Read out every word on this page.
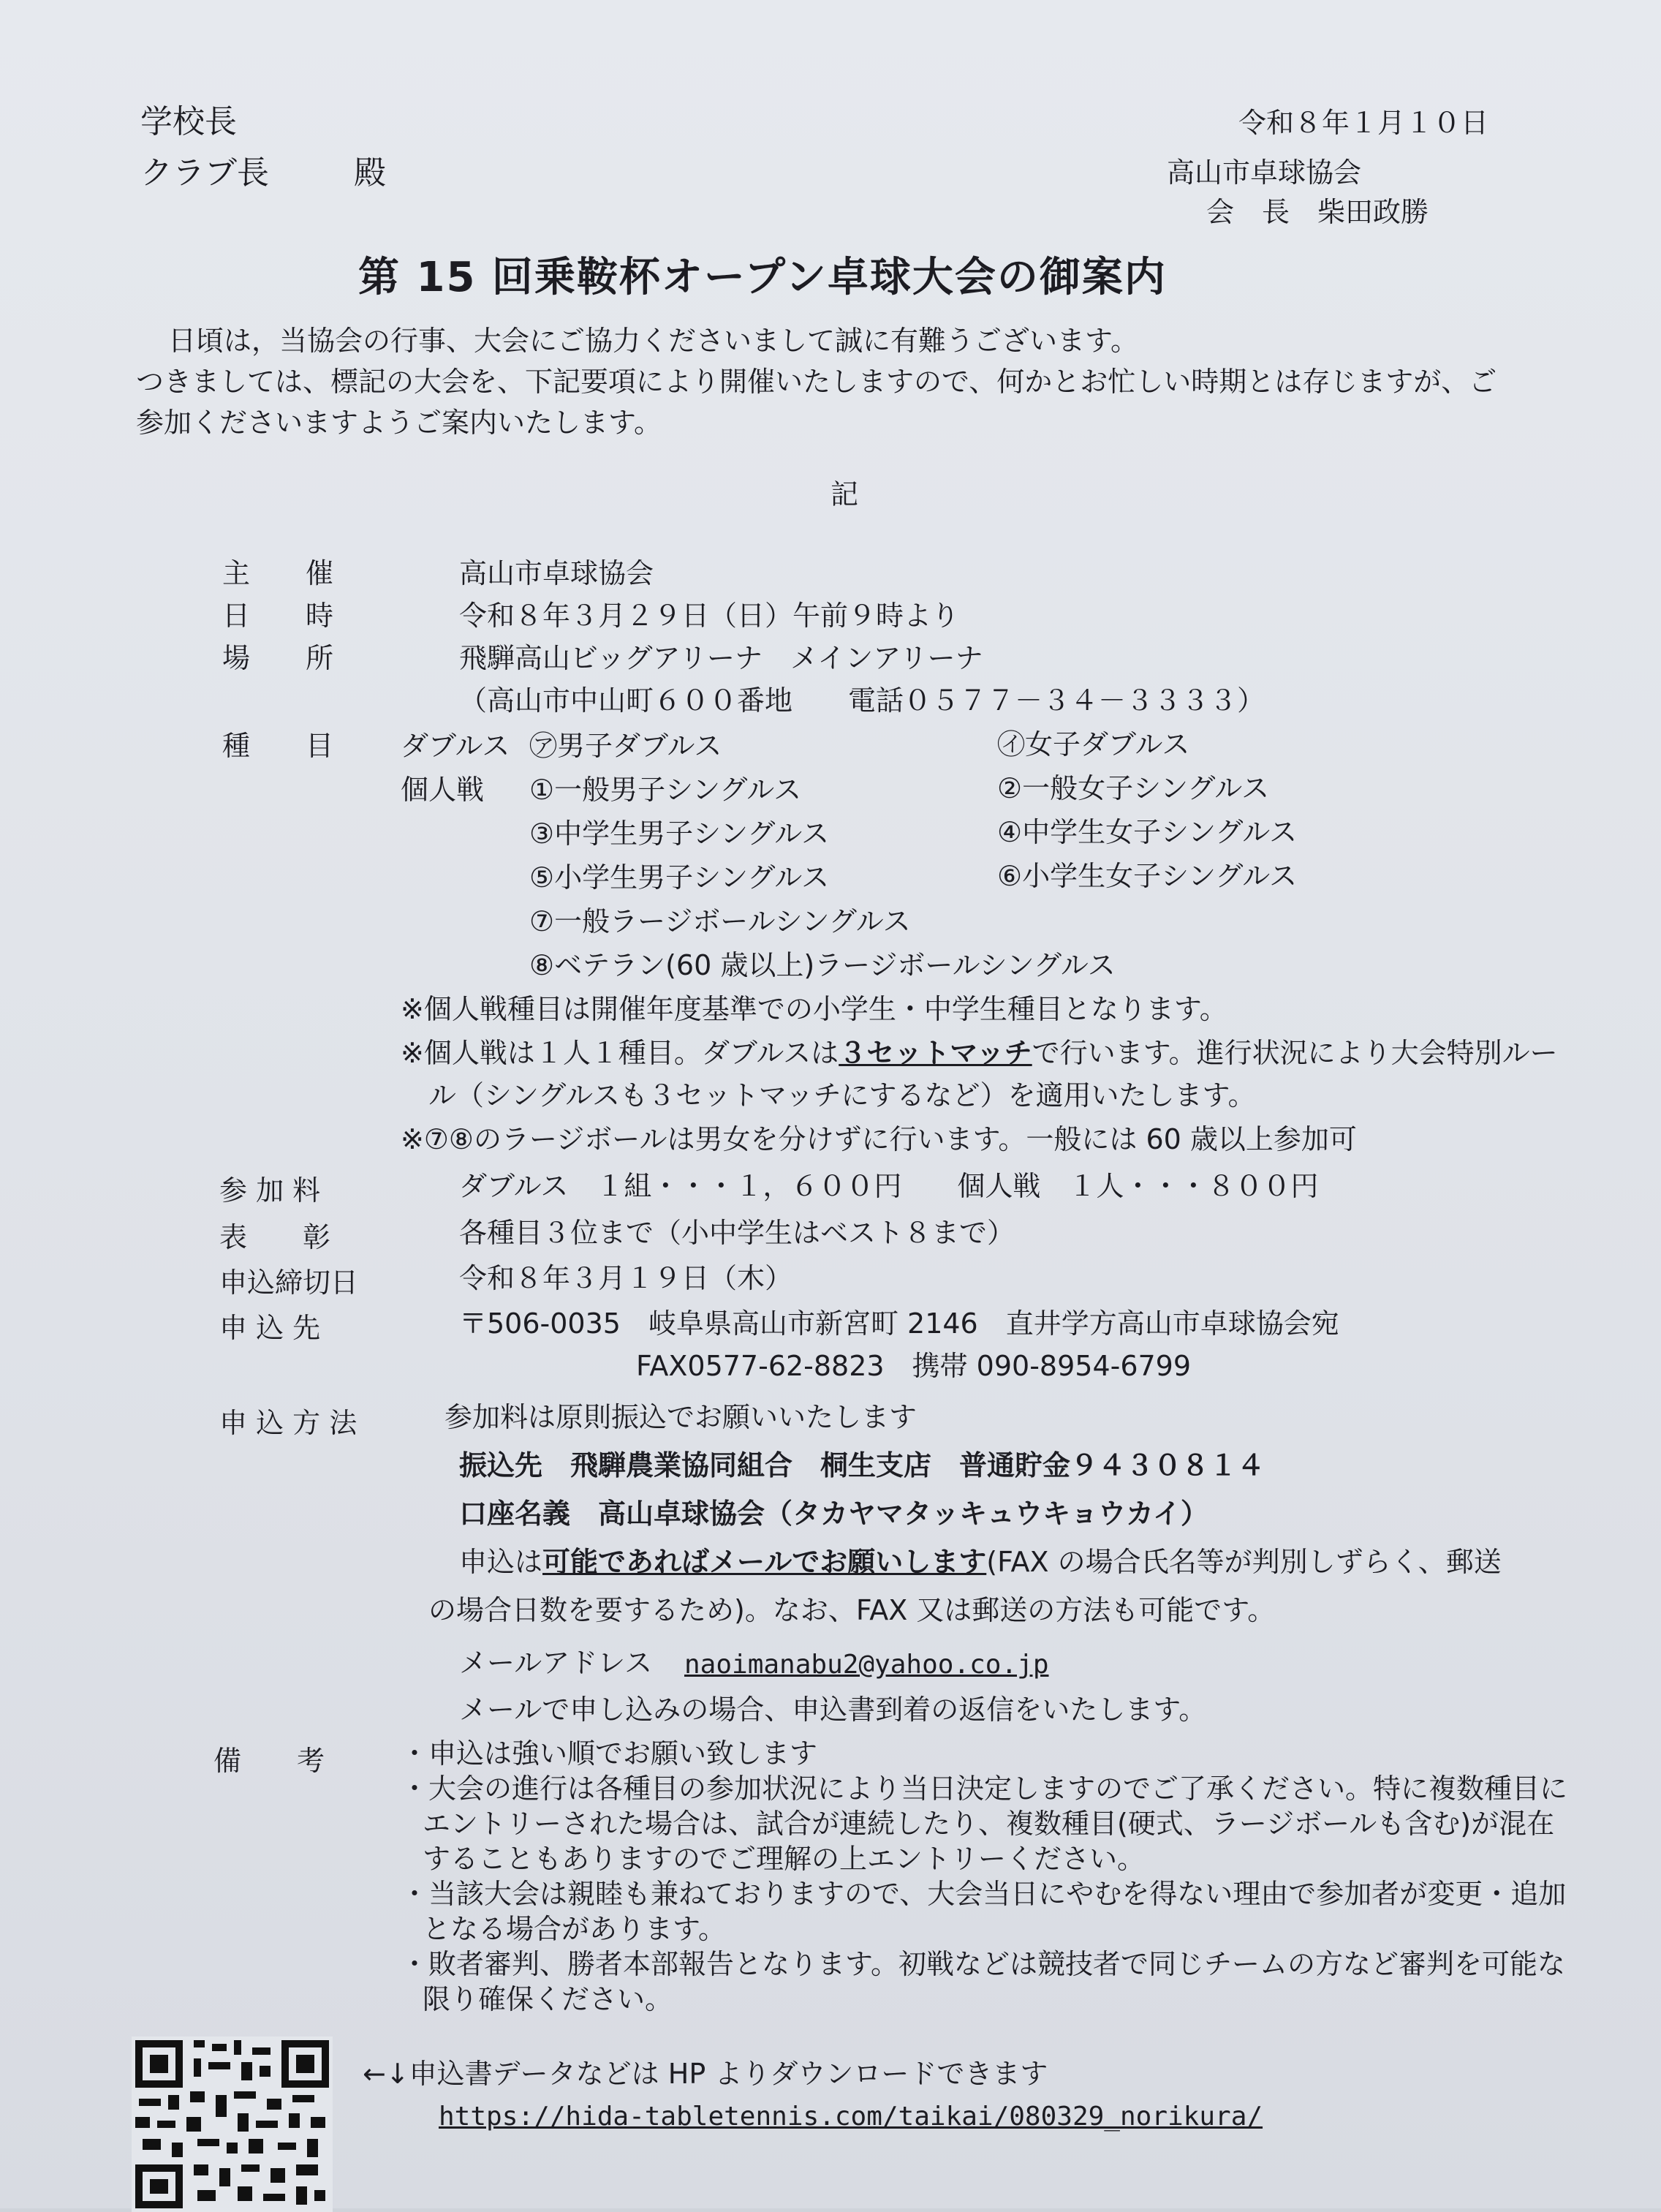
学校長
クラブ長	殿
令和８年１月１０日
高山市卓球協会
会　長　柴田政勝
第 15 回乗鞍杯オープン卓球大会の御案内
日頃は，当協会の行事、大会にご協力くださいまして誠に有難うございます。
つきましては、標記の大会を、下記要項により開催いたしますので、何かとお忙しい時期とは存じますが、ご
参加くださいますようご案内いたします。
記
主　　催	高山市卓球協会
日　　時	令和８年３月２９日（日）午前９時より
場　　所	飛騨高山ビッグアリーナ　メインアリーナ
（高山市中山町６００番地　　電話０５７７－３４－３３３３）
種　　目 ダブルス ㋐男子ダブルス	㋑女子ダブルス
個人戦 ①一般男子シングルス	②一般女子シングルス
③中学生男子シングルス	④中学生女子シングルス
⑤小学生男子シングルス	⑥小学生女子シングルス
⑦一般ラージボールシングルス
⑧ベテラン(60 歳以上)ラージボールシングルス
※個人戦種目は開催年度基準での小学生・中学生種目となります。
※個人戦は１人１種目。ダブルスは３セットマッチで行います。進行状況により大会特別ルー
ル（シングルスも３セットマッチにするなど）を適用いたします。
※⑦⑧のラージボールは男女を分けずに行います。一般には 60 歳以上参加可
参 加 料	ダブルス　１組・・・１，６００円　　個人戦　１人・・・８００円
表　　彰	各種目３位まで（小中学生はベスト８まで）
申込締切日	令和８年３月１９日（木）
申 込 先	〒506-0035　岐阜県高山市新宮町 2146　直井学方高山市卓球協会宛
FAX0577-62-8823　携帯 090-8954-6799
申 込 方 法	参加料は原則振込でお願いいたします
振込先　飛騨農業協同組合　桐生支店　普通貯金９４３０８１４
口座名義　高山卓球協会（タカヤマタッキュウキョウカイ）
申込は可能であればメールでお願いします(FAX の場合氏名等が判別しずらく、郵送
の場合日数を要するため)。なお、FAX 又は郵送の方法も可能です。
メールアドレス naoimanabu2@yahoo.co.jp
メールで申し込みの場合、申込書到着の返信をいたします。
備　　考	・申込は強い順でお願い致します
・大会の進行は各種目の参加状況により当日決定しますのでご了承ください。特に複数種目に
エントリーされた場合は、試合が連続したり、複数種目(硬式、ラージボールも含む)が混在
することもありますのでご理解の上エントリーください。
・当該大会は親睦も兼ねておりますので、大会当日にやむを得ない理由で参加者が変更・追加
となる場合があります。
・敗者審判、勝者本部報告となります。初戦などは競技者で同じチームの方など審判を可能な
限り確保ください。
←↓申込書データなどは HP よりダウンロードできます
https://hida-tabletennis.com/taikai/080329_norikura/
